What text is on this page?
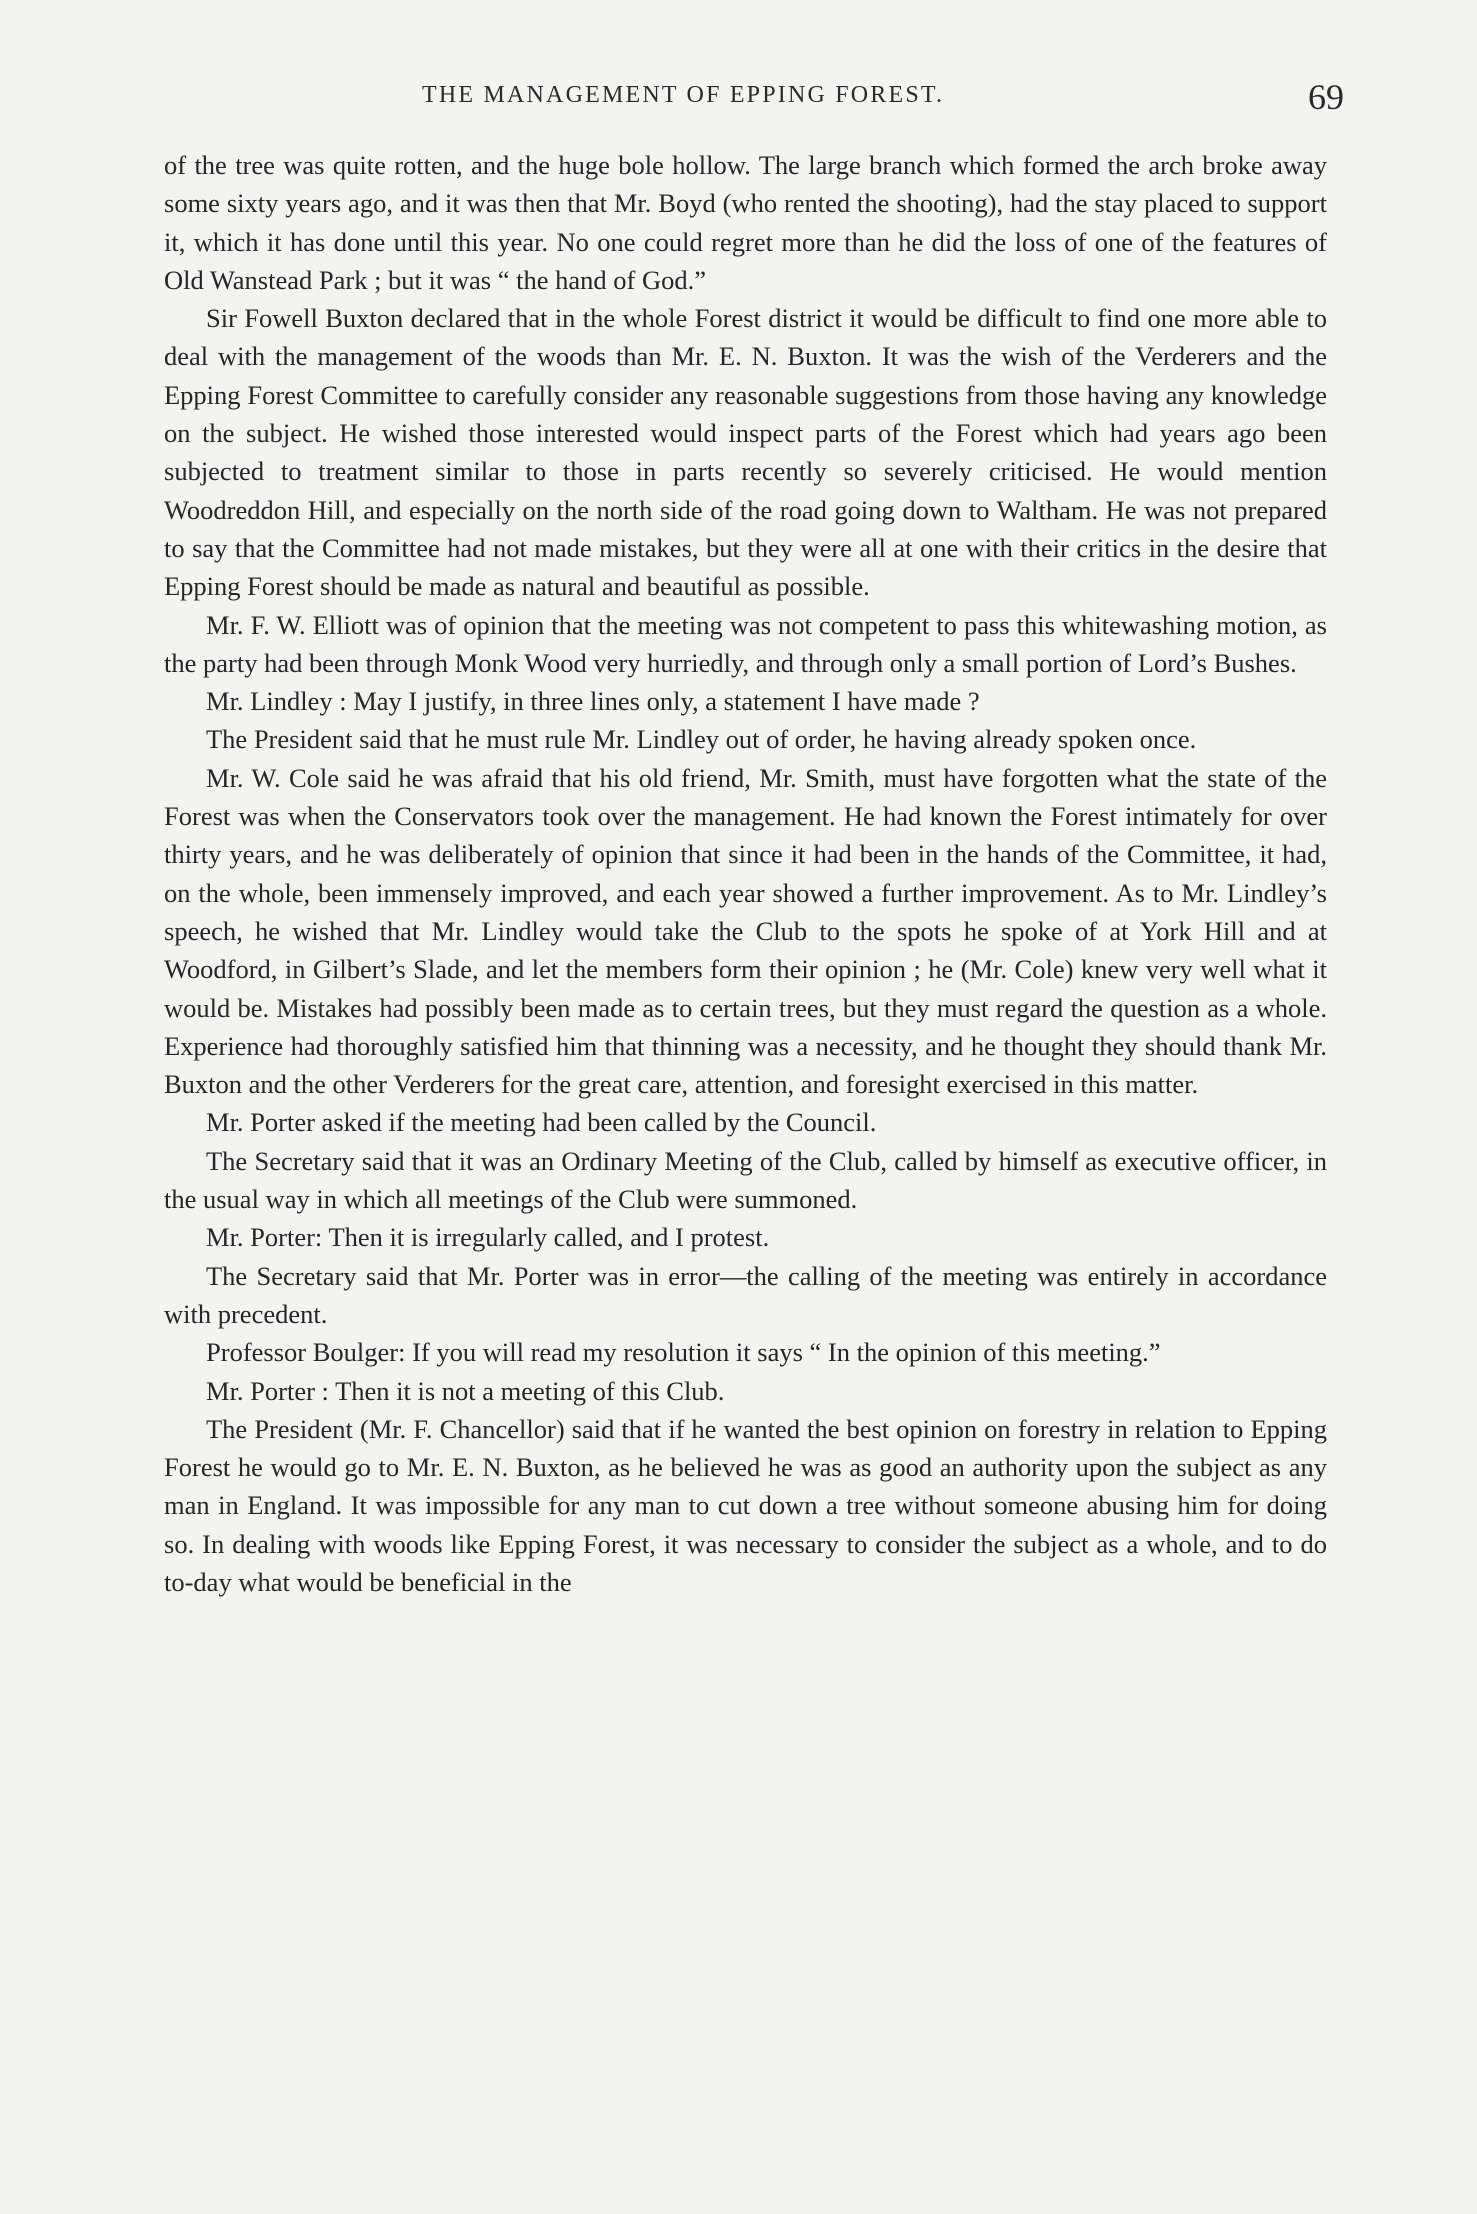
THE MANAGEMENT OF EPPING FOREST.	69

of the tree was quite rotten, and the huge bole hollow. The large branch which formed the arch broke away some sixty years ago, and it was then that Mr. Boyd (who rented the shooting), had the stay placed to support it, which it has done until this year. No one could regret more than he did the loss of one of the features of Old Wanstead Park ; but it was “ the hand of God.”

Sir Fowell Buxton declared that in the whole Forest district it would be difficult to find one more able to deal with the management of the woods than Mr. E. N. Buxton. It was the wish of the Verderers and the Epping Forest Committee to carefully consider any reasonable suggestions from those having any knowledge on the subject. He wished those interested would inspect parts of the Forest which had years ago been subjected to treatment similar to those in parts recently so severely criticised. He would mention Woodreddon Hill, and especially on the north side of the road going down to Waltham. He was not prepared to say that the Committee had not made mistakes, but they were all at one with their critics in the desire that Epping Forest should be made as natural and beautiful as possible.

Mr. F. W. Elliott was of opinion that the meeting was not competent to pass this whitewashing motion, as the party had been through Monk Wood very hurriedly, and through only a small portion of Lord’s Bushes.

Mr. Lindley : May I justify, in three lines only, a statement I have made ?

The President said that he must rule Mr. Lindley out of order, he having already spoken once.

Mr. W. Cole said he was afraid that his old friend, Mr. Smith, must have forgotten what the state of the Forest was when the Conservators took over the management. He had known the Forest intimately for over thirty years, and he was deliberately of opinion that since it had been in the hands of the Committee, it had, on the whole, been immensely improved, and each year showed a further improvement. As to Mr. Lindley’s speech, he wished that Mr. Lindley would take the Club to the spots he spoke of at York Hill and at Woodford, in Gilbert’s Slade, and let the members form their opinion ; he (Mr. Cole) knew very well what it would be. Mistakes had possibly been made as to certain trees, but they must regard the question as a whole. Experience had thoroughly satisfied him that thinning was a necessity, and he thought they should thank Mr. Buxton and the other Verderers for the great care, attention, and foresight exercised in this matter.

Mr. Porter asked if the meeting had been called by the Council.

The Secretary said that it was an Ordinary Meeting of the Club, called by himself as executive officer, in the usual way in which all meetings of the Club were summoned.

Mr. Porter: Then it is irregularly called, and I protest.

The Secretary said that Mr. Porter was in error—the calling of the meeting was entirely in accordance with precedent.

Professor Boulger: If you will read my resolution it says “ In the opinion of this meeting.”

Mr. Porter : Then it is not a meeting of this Club.

The President (Mr. F. Chancellor) said that if he wanted the best opinion on forestry in relation to Epping Forest he would go to Mr. E. N. Buxton, as he believed he was as good an authority upon the subject as any man in England. It was impossible for any man to cut down a tree without someone abusing him for doing so. In dealing with woods like Epping Forest, it was necessary to consider the subject as a whole, and to do to-day what would be beneficial in the
